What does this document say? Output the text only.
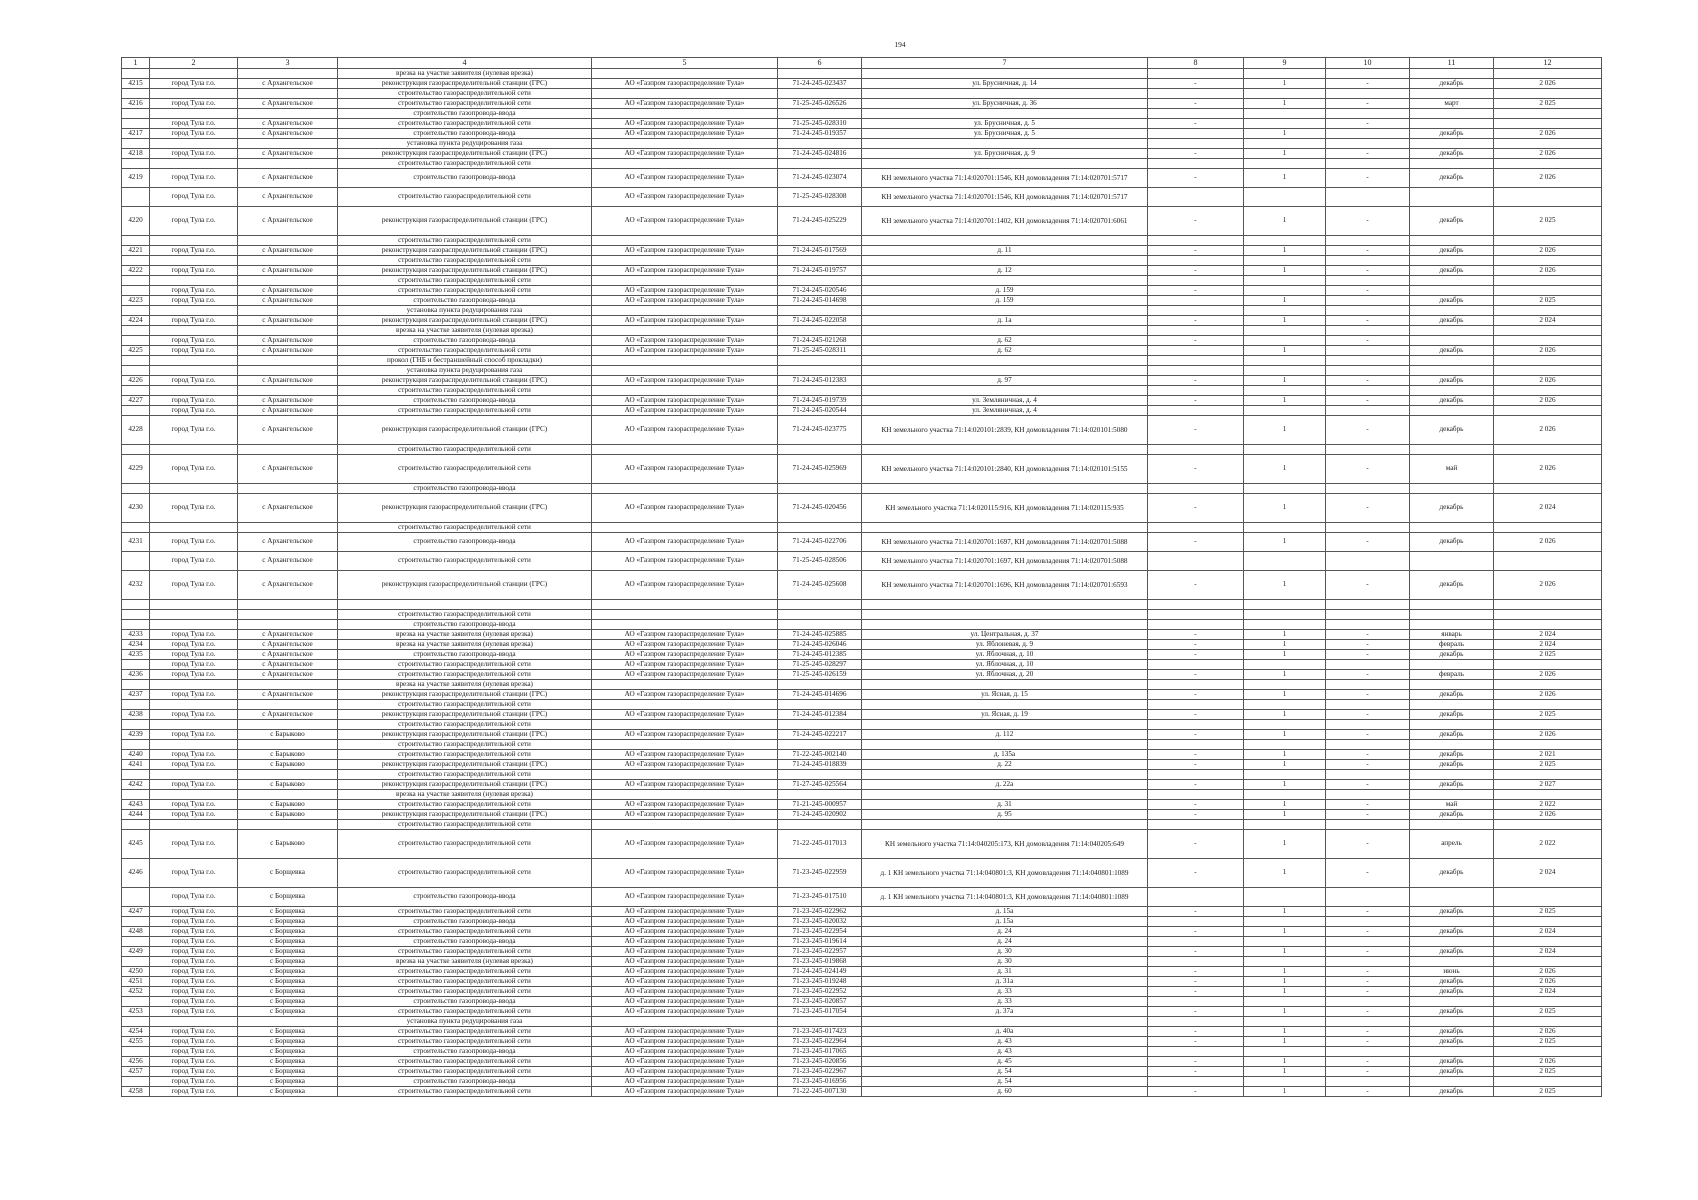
194
1	2	3	4	5	6	7	8	9	10	11	12
			врезка на участке заявителя (нулевая врезка)								
4215	город Тула г.о.	с Архангельское	реконструкция газораспределительной станции (ГРС)	АО «Газпром газораспределение Тула»	71-24-245-023437	ул. Брусничная, д. 14	-	1	-	декабрь	2 026
			строительство газораспределительной сети								
4216	город Тула г.о.	с Архангельское	строительство газораспределительной сети	АО «Газпром газораспределение Тула»	71-25-245-026526	ул. Брусничная, д. 36	-	1	-	март	2 025
			строительство газопровода-ввода								
	город Тула г.о.	с Архангельское	строительство газораспределительной сети	АО «Газпром газораспределение Тула»	71-25-245-028310	ул. Брусничная, д. 5	-		-		
4217	город Тула г.о.	с Архангельское	строительство газопровода-ввода	АО «Газпром газораспределение Тула»	71-24-245-019357	ул. Брусничная, д. 5		1		декабрь	2 026
			установка пункта редуцирования газа								
4218	город Тула г.о.	с Архангельское	реконструкция газораспределительной станции (ГРС)	АО «Газпром газораспределение Тула»	71-24-245-024816	ул. Брусничная, д. 9	-	1	-	декабрь	2 026
			строительство газораспределительной сети								
4219	город Тула г.о.	с Архангельское	строительство газопровода-ввода	АО «Газпром газораспределение Тула»	71-24-245-023074	КН земельного участка 71:14:020701:1546, КН домовладения 71:14:020701:5717	-	1	-	декабрь	2 026
	город Тула г.о.	с Архангельское	строительство газораспределительной сети	АО «Газпром газораспределение Тула»	71-25-245-028308	КН земельного участка 71:14:020701:1546, КН домовладения 71:14:020701:5717					
4220	город Тула г.о.	с Архангельское	реконструкция газораспределительной станции (ГРС)	АО «Газпром газораспределение Тула»	71-24-245-025229	КН земельного участка 71:14:020701:1402, КН домовладения 71:14:020701:6061	-	1	-	декабрь	2 025
			строительство газораспределительной сети								
4221	город Тула г.о.	с Архангельское	реконструкция газораспределительной станции (ГРС)	АО «Газпром газораспределение Тула»	71-24-245-017569	д. 11	-	1	-	декабрь	2 026
			строительство газораспределительной сети								
4222	город Тула г.о.	с Архангельское	реконструкция газораспределительной станции (ГРС)	АО «Газпром газораспределение Тула»	71-24-245-019757	д. 12	-	1	-	декабрь	2 026
			строительство газораспределительной сети								
	город Тула г.о.	с Архангельское	строительство газораспределительной сети	АО «Газпром газораспределение Тула»	71-24-245-020546	д. 159	-		-		
4223	город Тула г.о.	с Архангельское	строительство газопровода-ввода	АО «Газпром газораспределение Тула»	71-24-245-014698	д. 159		1		декабрь	2 025
			установка пункта редуцирования газа								
4224	город Тула г.о.	с Архангельское	реконструкция газораспределительной станции (ГРС)	АО «Газпром газораспределение Тула»	71-24-245-022058	д. 1а	-	1	-	декабрь	2 024
			врезка на участке заявителя (нулевая врезка)								
	город Тула г.о.	с Архангельское	строительство газопровода-ввода	АО «Газпром газораспределение Тула»	71-24-245-021268	д. 62	-		-		
4225	город Тула г.о.	с Архангельское	строительство газораспределительной сети	АО «Газпром газораспределение Тула»	71-25-245-028311	д. 62		1		декабрь	2 026
			прокол (ГНБ и бестраншейный способ прокладки)								
			установка пункта редуцирования газа								
4226	город Тула г.о.	с Архангельское	реконструкция газораспределительной станции (ГРС)	АО «Газпром газораспределение Тула»	71-24-245-012383	д. 97	-	1	-	декабрь	2 026
			строительство газораспределительной сети								
4227	город Тула г.о.	с Архангельское	строительство газопровода-ввода	АО «Газпром газораспределение Тула»	71-24-245-019739	ул. Земляничная, д. 4	-	1	-	декабрь	2 026
	город Тула г.о.	с Архангельское	строительство газораспределительной сети	АО «Газпром газораспределение Тула»	71-24-245-020544	ул. Земляничная, д. 4					
4228	город Тула г.о.	с Архангельское	реконструкция газораспределительной станции (ГРС)	АО «Газпром газораспределение Тула»	71-24-245-023775	КН земельного участка 71:14:020101:2839, КН домовладения 71:14:020101:5080	-	1	-	декабрь	2 026
			строительство газораспределительной сети								
4229	город Тула г.о.	с Архангельское	строительство газораспределительной сети	АО «Газпром газораспределение Тула»	71-24-245-025969	КН земельного участка 71:14:020101:2840, КН домовладения 71:14:020101:5155	-	1	-	май	2 026
			строительство газопровода-ввода								
4230	город Тула г.о.	с Архангельское	реконструкция газораспределительной станции (ГРС)	АО «Газпром газораспределение Тула»	71-24-245-020456	КН земельного участка 71:14:020115:916, КН домовладения 71:14:020115:935	-	1	-	декабрь	2 024
			строительство газораспределительной сети								
4231	город Тула г.о.	с Архангельское	строительство газопровода-ввода	АО «Газпром газораспределение Тула»	71-24-245-022706	КН земельного участка 71:14:020701:1697, КН домовладения 71:14:020701:5088	-	1	-	декабрь	2 026
	город Тула г.о.	с Архангельское	строительство газораспределительной сети	АО «Газпром газораспределение Тула»	71-25-245-028506	КН земельного участка 71:14:020701:1697, КН домовладения 71:14:020701:5088					
4232	город Тула г.о.	с Архангельское	реконструкция газораспределительной станции (ГРС)	АО «Газпром газораспределение Тула»	71-24-245-025608	КН земельного участка 71:14:020701:1696, КН домовладения 71:14:020701:6593	-	1	-	декабрь	2 026

			строительство газораспределительной сети								
			строительство газопровода-ввода								
4233	город Тула г.о.	с Архангельское	врезка на участке заявителя (нулевая врезка)	АО «Газпром газораспределение Тула»	71-24-245-025885	ул. Центральная, д. 37	-	1	-	январь	2 024
4234	город Тула г.о.	с Архангельское	врезка на участке заявителя (нулевая врезка)	АО «Газпром газораспределение Тула»	71-24-245-026046	ул. Яблоневая, д. 9	-	1	-	февраль	2 024
4235	город Тула г.о.	с Архангельское	строительство газопровода-ввода	АО «Газпром газораспределение Тула»	71-24-245-012385	ул. Яблочная, д. 10	-	1	-	декабрь	2 025
	город Тула г.о.	с Архангельское	строительство газораспределительной сети	АО «Газпром газораспределение Тула»	71-25-245-028297	ул. Яблочная, д. 10					
4236	город Тула г.о.	с Архангельское	строительство газораспределительной сети	АО «Газпром газораспределение Тула»	71-25-245-026159	ул. Яблочная, д. 20	-	1	-	февраль	2 026
			врезка на участке заявителя (нулевая врезка)								
4237	город Тула г.о.	с Архангельское	реконструкция газораспределительной станции (ГРС)	АО «Газпром газораспределение Тула»	71-24-245-014696	ул. Ясная, д. 15	-	1	-	декабрь	2 026
			строительство газораспределительной сети								
4238	город Тула г.о.	с Архангельское	реконструкция газораспределительной станции (ГРС)	АО «Газпром газораспределение Тула»	71-24-245-012384	ул. Ясная, д. 19	-	1	-	декабрь	2 025
			строительство газораспределительной сети								
4239	город Тула г.о.	с Барыково	реконструкция газораспределительной станции (ГРС)	АО «Газпром газораспределение Тула»	71-24-245-022217	д. 112	-	1	-	декабрь	2 026
			строительство газораспределительной сети								
4240	город Тула г.о.	с Барыково	строительство газораспределительной сети	АО «Газпром газораспределение Тула»	71-22-245-002140	д. 135а	-	1	-	декабрь	2 021
4241	город Тула г.о.	с Барыково	реконструкция газораспределительной станции (ГРС)	АО «Газпром газораспределение Тула»	71-24-245-018839	д. 22	-	1	-	декабрь	2 025
			строительство газораспределительной сети								
4242	город Тула г.о.	с Барыково	реконструкция газораспределительной станции (ГРС)	АО «Газпром газораспределение Тула»	71-27-245-025564	д. 22а	-	1	-	декабрь	2 027
			врезка на участке заявителя (нулевая врезка)								
4243	город Тула г.о.	с Барыково	строительство газораспределительной сети	АО «Газпром газораспределение Тула»	71-21-245-000957	д. 31	-	1	-	май	2 022
4244	город Тула г.о.	с Барыково	реконструкция газораспределительной станции (ГРС)	АО «Газпром газораспределение Тула»	71-24-245-020902	д. 95	-	1	-	декабрь	2 026
			строительство газораспределительной сети								
4245	город Тула г.о.	с Барыково	строительство газораспределительной сети	АО «Газпром газораспределение Тула»	71-22-245-017013	КН земельного участка 71:14:040205:173, КН домовладения 71:14:040205:649	-	1	-	апрель	2 022
4246	город Тула г.о.	с Борщевка	строительство газораспределительной сети	АО «Газпром газораспределение Тула»	71-23-245-022959	д. 1 КН земельного участка 71:14:040801:3, КН домовладения 71:14:040801:1089	-	1	-	декабрь	2 024
	город Тула г.о.	с Борщевка	строительство газопровода-ввода	АО «Газпром газораспределение Тула»	71-23-245-017510	д. 1 КН земельного участка 71:14:040801:3, КН домовладения 71:14:040801:1089					
4247	город Тула г.о.	с Борщевка	строительство газораспределительной сети	АО «Газпром газораспределение Тула»	71-23-245-022962	д. 15а	-	1	-	декабрь	2 025
	город Тула г.о.	с Борщевка	строительство газопровода-ввода	АО «Газпром газораспределение Тула»	71-23-245-020032	д. 15а					
4248	город Тула г.о.	с Борщевка	строительство газораспределительной сети	АО «Газпром газораспределение Тула»	71-23-245-022954	д. 24	-	1	-	декабрь	2 024
	город Тула г.о.	с Борщевка	строительство газопровода-ввода	АО «Газпром газораспределение Тула»	71-23-245-019614	д. 24					
4249	город Тула г.о.	с Борщевка	строительство газораспределительной сети	АО «Газпром газораспределение Тула»	71-23-245-022957	д. 30	-	1	-	декабрь	2 024
	город Тула г.о.	с Борщевка	врезка на участке заявителя (нулевая врезка)	АО «Газпром газораспределение Тула»	71-23-245-019868	д. 30					
4250	город Тула г.о.	с Борщевка	строительство газораспределительной сети	АО «Газпром газораспределение Тула»	71-24-245-024149	д. 31	-	1	-	июнь	2 026
4251	город Тула г.о.	с Борщевка	строительство газораспределительной сети	АО «Газпром газораспределение Тула»	71-23-245-019248	д. 31а	-	1	-	декабрь	2 026
4252	город Тула г.о.	с Борщевка	строительство газораспределительной сети	АО «Газпром газораспределение Тула»	71-23-245-022952	д. 33	-	1	-	декабрь	2 024
	город Тула г.о.	с Борщевка	строительство газопровода-ввода	АО «Газпром газораспределение Тула»	71-23-245-020857	д. 33					
4253	город Тула г.о.	с Борщевка	строительство газораспределительной сети	АО «Газпром газораспределение Тула»	71-23-245-017054	д. 37а	-	1	-	декабрь	2 025
			установка пункта редуцирования газа								
4254	город Тула г.о.	с Борщевка	строительство газораспределительной сети	АО «Газпром газораспределение Тула»	71-23-245-017423	д. 40а	-	1	-	декабрь	2 026
4255	город Тула г.о.	с Борщевка	строительство газораспределительной сети	АО «Газпром газораспределение Тула»	71-23-245-022964	д. 43	-	1	-	декабрь	2 025
	город Тула г.о.	с Борщевка	строительство газопровода-ввода	АО «Газпром газораспределение Тула»	71-23-245-017065	д. 43					
4256	город Тула г.о.	с Борщевка	строительство газораспределительной сети	АО «Газпром газораспределение Тула»	71-23-245-020856	д. 45	-	1	-	декабрь	2 026
4257	город Тула г.о.	с Борщевка	строительство газораспределительной сети	АО «Газпром газораспределение Тула»	71-23-245-022967	д. 54	-	1	-	декабрь	2 025
	город Тула г.о.	с Борщевка	строительство газопровода-ввода	АО «Газпром газораспределение Тула»	71-23-245-016956	д. 54					
4258	город Тула г.о.	с Борщевка	строительство газораспределительной сети	АО «Газпром газораспределение Тула»	71-22-245-007130	д. 60	-	1	-	декабрь	2 025
